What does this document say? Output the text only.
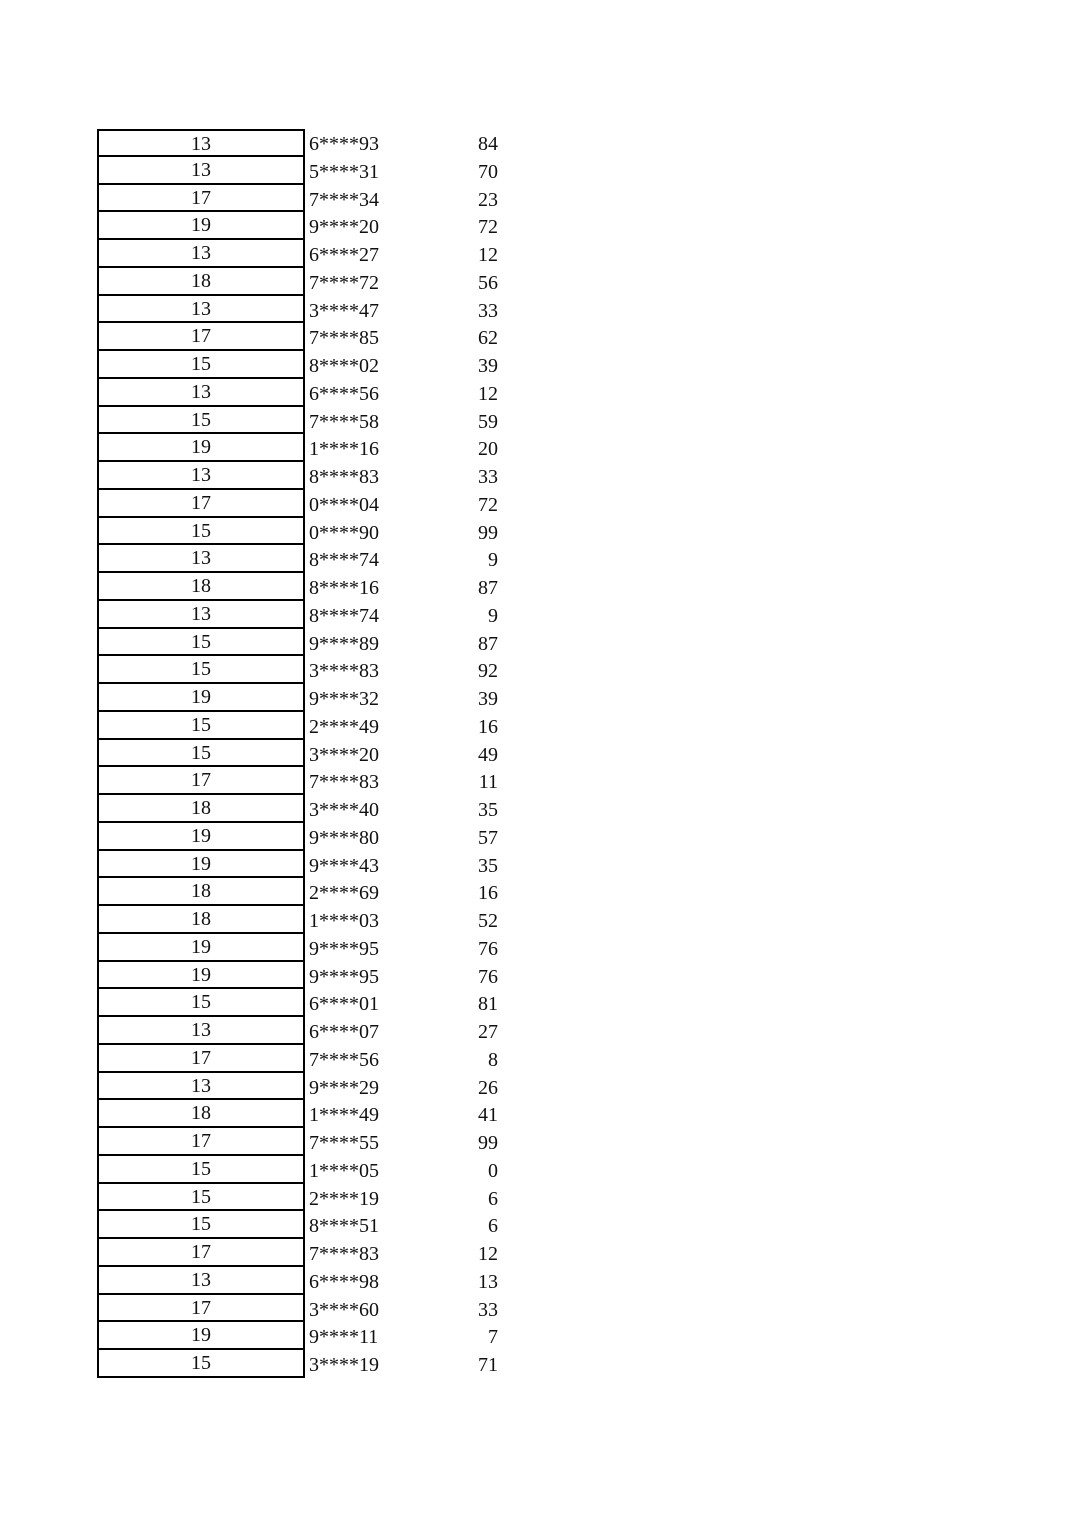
13	6****93	84
13	5****31	70
17	7****34	23
19	9****20	72
13	6****27	12
18	7****72	56
13	3****47	33
17	7****85	62
15	8****02	39
13	6****56	12
15	7****58	59
19	1****16	20
13	8****83	33
17	0****04	72
15	0****90	99
13	8****74	9
18	8****16	87
13	8****74	9
15	9****89	87
15	3****83	92
19	9****32	39
15	2****49	16
15	3****20	49
17	7****83	11
18	3****40	35
19	9****80	57
19	9****43	35
18	2****69	16
18	1****03	52
19	9****95	76
19	9****95	76
15	6****01	81
13	6****07	27
17	7****56	8
13	9****29	26
18	1****49	41
17	7****55	99
15	1****05	0
15	2****19	6
15	8****51	6
17	7****83	12
13	6****98	13
17	3****60	33
19	9****11	7
15	3****19	71
